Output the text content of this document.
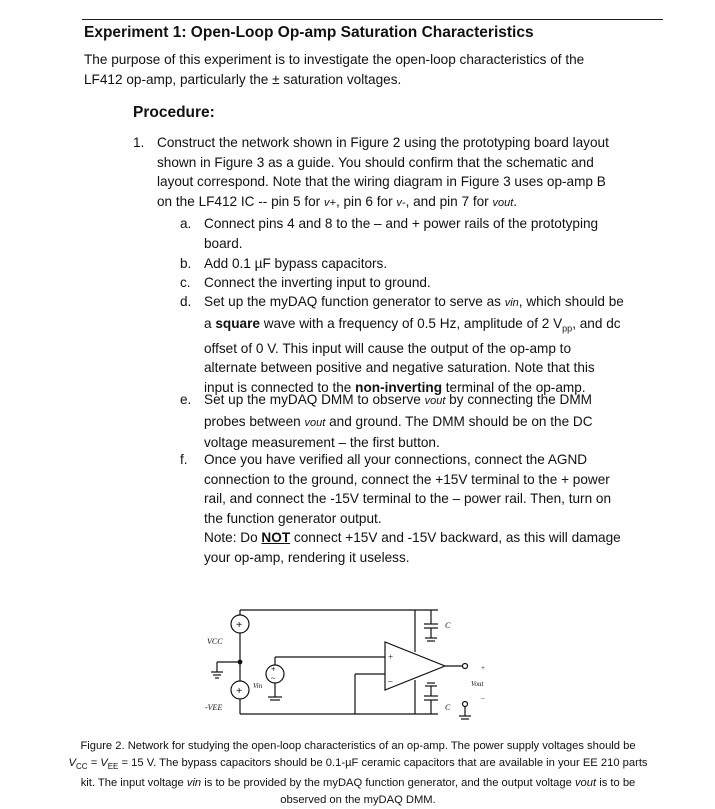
Experiment 1: Open-Loop Op-amp Saturation Characteristics
The purpose of this experiment is to investigate the open-loop characteristics of the
LF412 op-amp, particularly the ± saturation voltages.
Procedure:
1. Construct the network shown in Figure 2 using the prototyping board layout
shown in Figure 3 as a guide. You should confirm that the schematic and
layout correspond. Note that the wiring diagram in Figure 3 uses op-amp B
on the LF412 IC -- pin 5 for v+, pin 6 for v-, and pin 7 for vout.
a. Connect pins 4 and 8 to the – and + power rails of the prototyping
board.
b. Add 0.1 µF bypass capacitors.
c. Connect the inverting input to ground.
d. Set up the myDAQ function generator to serve as vin, which should be
a square wave with a frequency of 0.5 Hz, amplitude of 2 $V_{pp}$, and dc
offset of 0 V. This input will cause the output of the op-amp to
alternate between positive and negative saturation. Note that this
input is connected to the non-inverting terminal of the op-amp.
e. Set up the myDAQ DMM to observe vout by connecting the DMM
probes between vout and ground. The DMM should be on the DC
voltage measurement – the first button.
f. Once you have verified all your connections, connect the AGND
connection to the ground, connect the +15V terminal to the + power
rail, and connect the -15V terminal to the – power rail. Then, turn on
the function generator output.
Note: Do NOT connect +15V and -15V backward, as this will damage
your op-amp, rendering it useless.
+
VCC
+
-VEE
+
~
Vin
+
–
C
C
+
Vout
–
Figure 2. Network for studying the open-loop characteristics of an op-amp. The power supply voltages should be
$V_{CC} = V_{EE} = 15$ V. The bypass capacitors should be 0.1-µF ceramic capacitors that are available in your EE 210 parts
kit. The input voltage vin is to be provided by the myDAQ function generator, and the output voltage vout is to be
observed on the myDAQ DMM.
